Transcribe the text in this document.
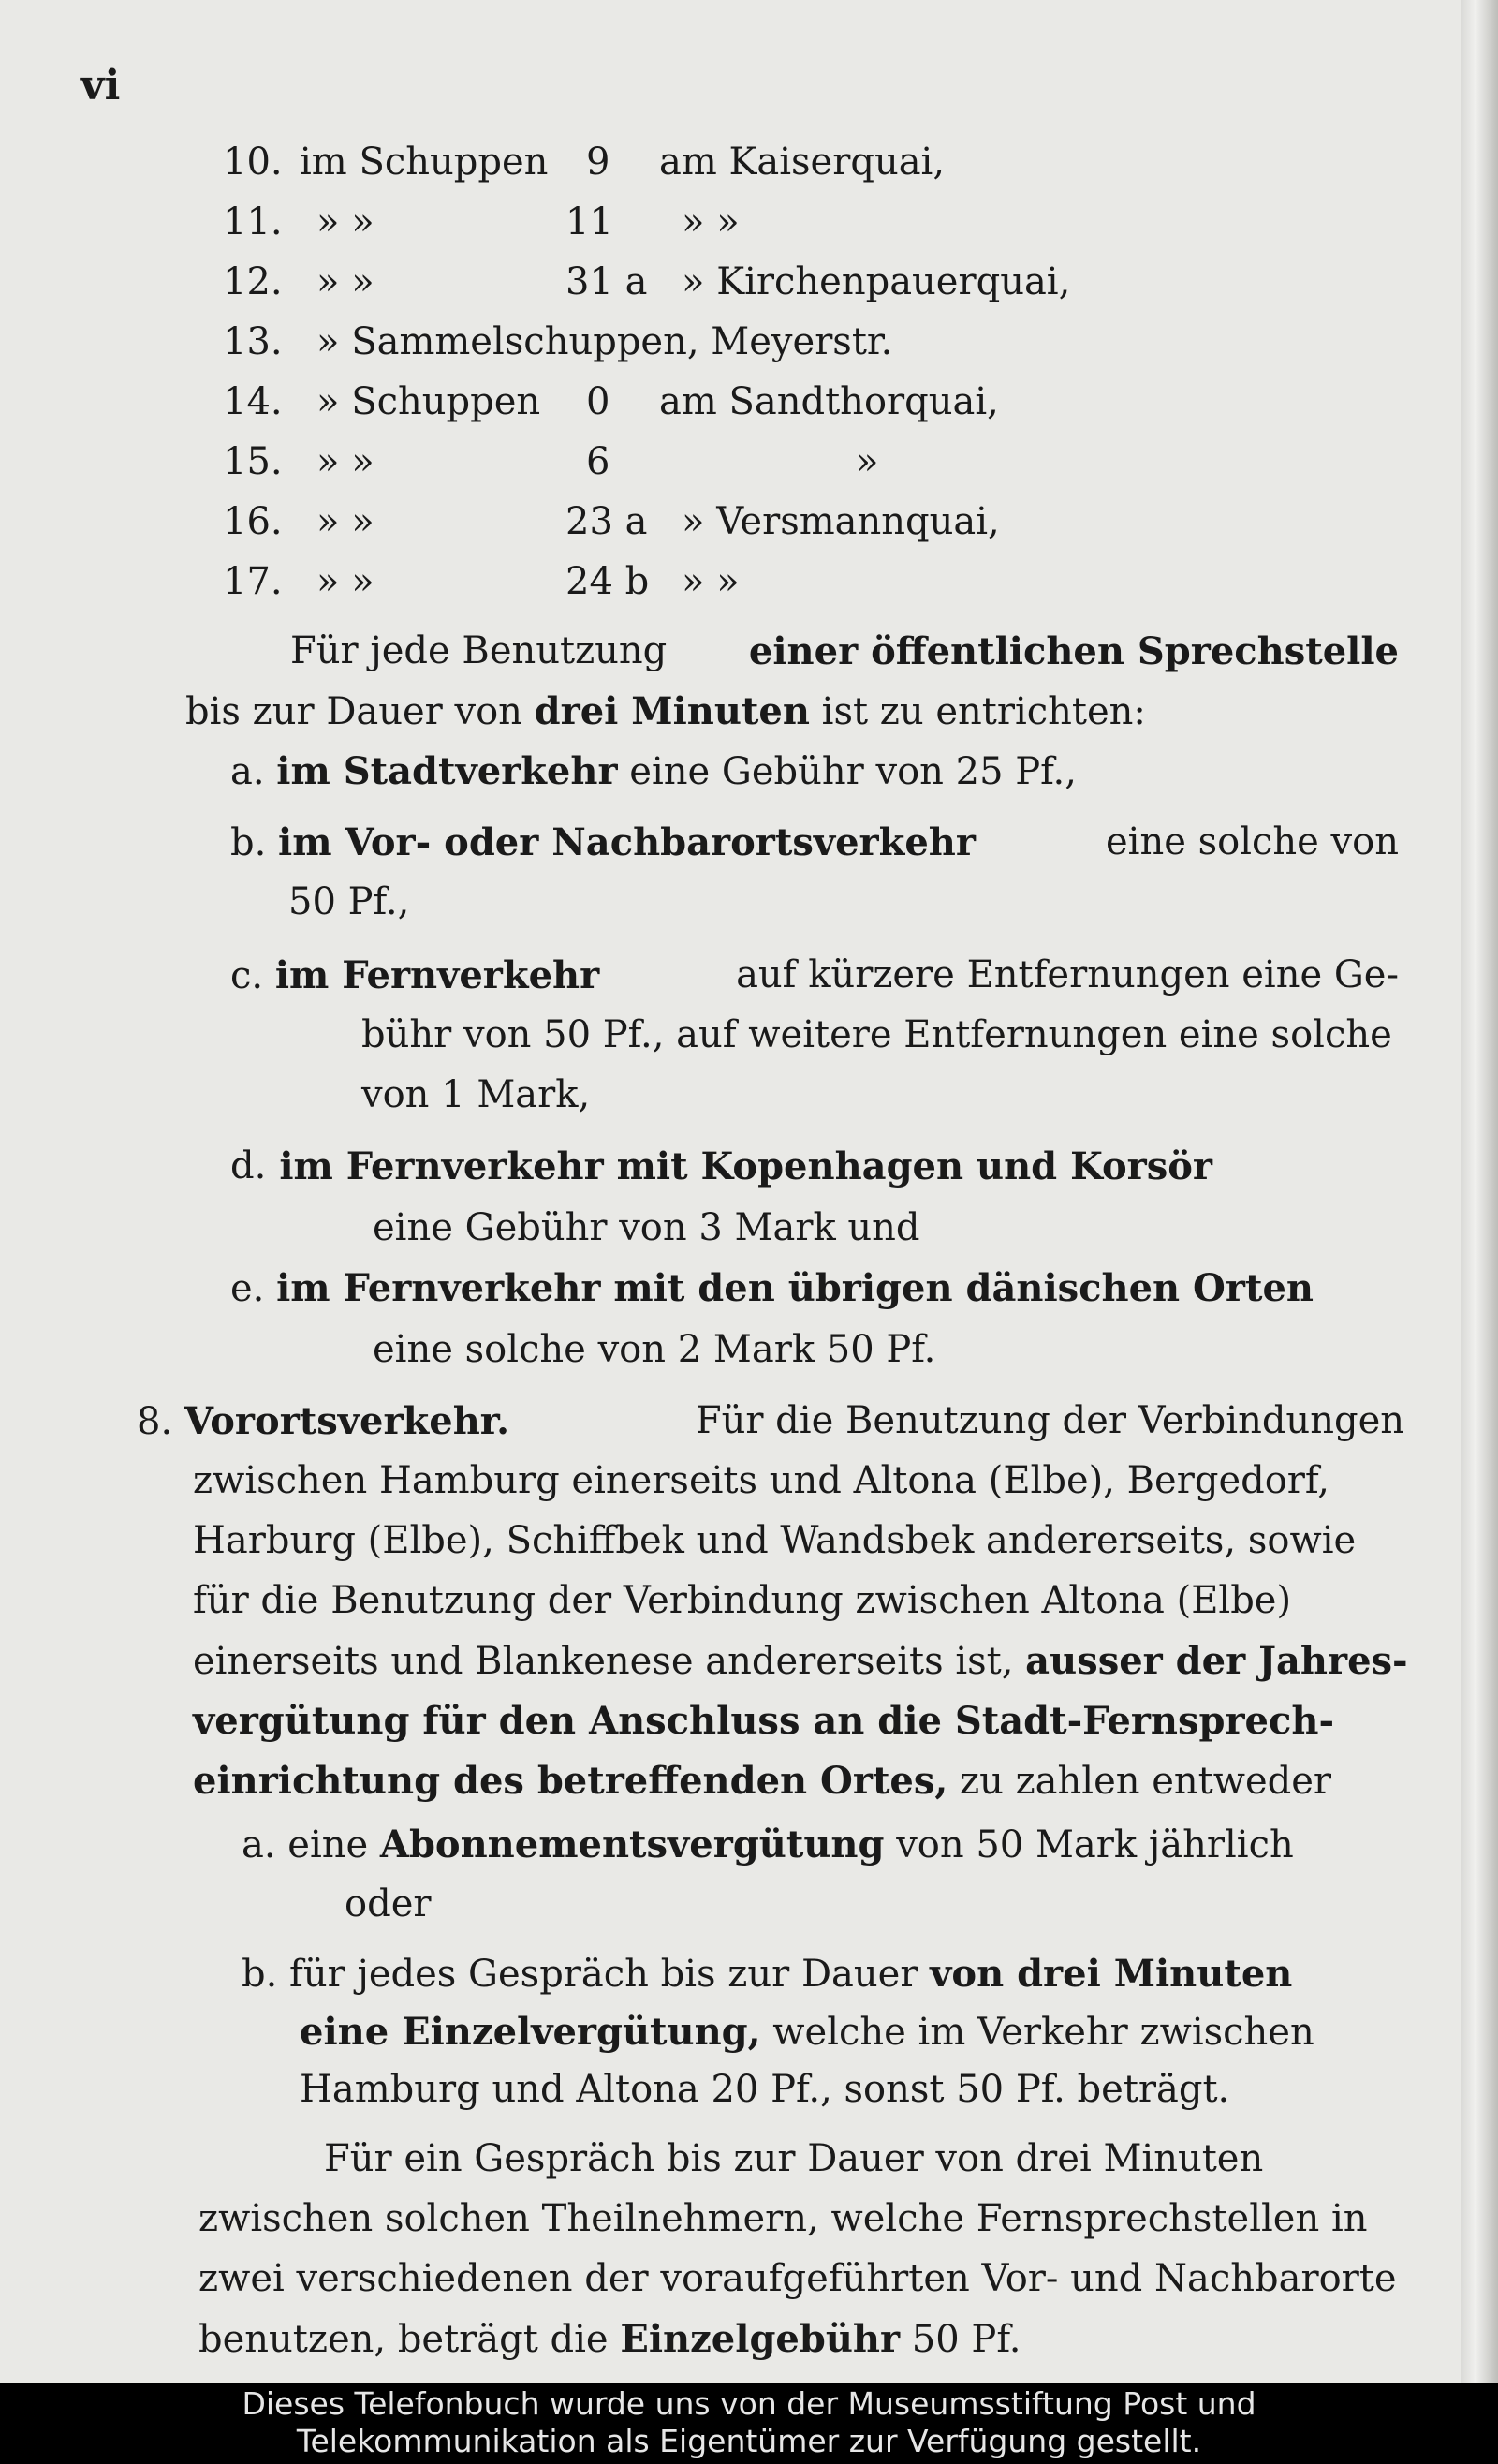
vi
10. im Schuppen 9 am Kaiserquai,
11. » »	11 » »
12. » »	31 a » Kirchenpauerquai,
13. » Sammelschuppen, Meyerstr.
14. » Schuppen 0 am Sandthorquai,
15. » »	6	»
16. » »	23 a » Versmannquai,
17. » »	24 b » »
Für jede Benutzung einer öffentlichen Sprechstelle
bis zur Dauer von drei Minuten ist zu entrichten:
a. im Stadtverkehr eine Gebühr von 25 Pf.,
b. im Vor- oder Nachbarortsverkehr	eine solche von
50 Pf.,
c. im Fernverkehr	auf kürzere Entfernungen eine Ge-
bühr von 50 Pf., auf weitere Entfernungen eine solche
von 1 Mark,
d. im Fernverkehr mit Kopenhagen und Korsör
eine Gebühr von 3 Mark und
e. im Fernverkehr mit den übrigen dänischen Orten
eine solche von 2 Mark 50 Pf.
8. Vorortsverkehr.	Für die Benutzung der Verbindungen
zwischen Hamburg einerseits und Altona (Elbe), Bergedorf,
Harburg (Elbe), Schiffbek und Wandsbek andererseits, sowie
für die Benutzung der Verbindung zwischen Altona (Elbe)
einerseits und Blankenese andererseits ist, ausser der Jahres-
vergütung für den Anschluss an die Stadt-Fernsprech-
einrichtung des betreffenden Ortes, zu zahlen entweder
a. eine Abonnementsvergütung von 50 Mark jährlich
oder
b. für jedes Gespräch bis zur Dauer von drei Minuten
eine Einzelvergütung, welche im Verkehr zwischen
Hamburg und Altona 20 Pf., sonst 50 Pf. beträgt.
Für ein Gespräch bis zur Dauer von drei Minuten
zwischen solchen Theilnehmern, welche Fernsprechstellen in
zwei verschiedenen der voraufgeführten Vor- und Nachbarorte
benutzen, beträgt die Einzelgebühr 50 Pf.
Dieses Telefonbuch wurde uns von der Museumsstiftung Post und
Telekommunikation als Eigentümer zur Verfügung gestellt.
